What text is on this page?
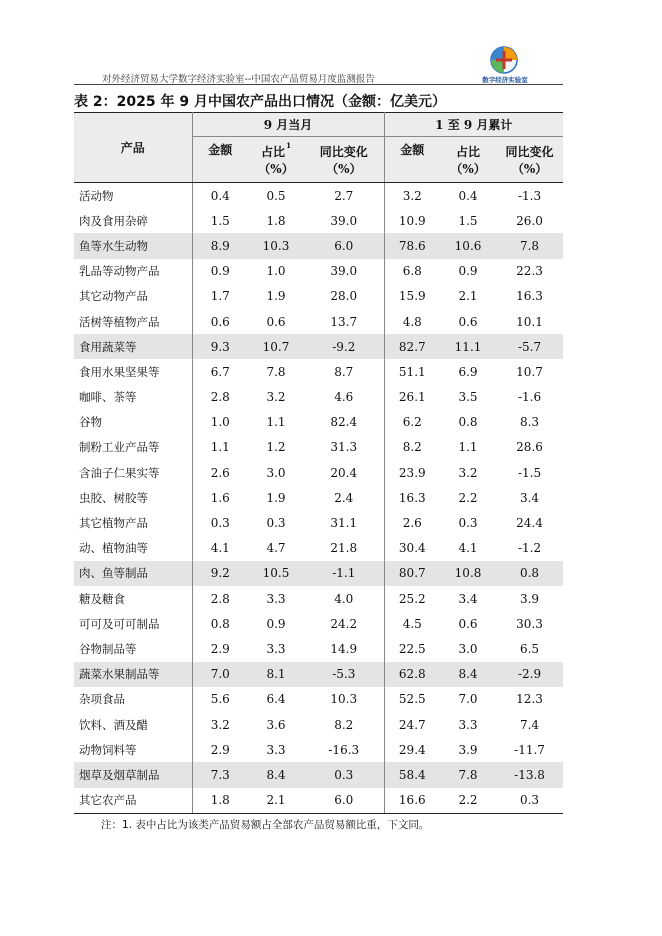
对外经济贸易大学数字经济实验室--中国农产品贸易月度监测报告	数字经济实验室
表 2：2025 年 9 月中国农产品出口情况（金额：亿美元）
产品	9 月当月			1 至 9 月累计		
	金额	占比$^1$	同比变化	金额	占比	同比变化
		（%）	（%）		（%）	（%）
活动物	0.4	0.5	2.7	3.2	0.4	-1.3
肉及食用杂碎	1.5	1.8	39.0	10.9	1.5	26.0
鱼等水生动物	8.9	10.3	6.0	78.6	10.6	7.8
乳品等动物产品	0.9	1.0	39.0	6.8	0.9	22.3
其它动物产品	1.7	1.9	28.0	15.9	2.1	16.3
活树等植物产品	0.6	0.6	13.7	4.8	0.6	10.1
食用蔬菜等	9.3	10.7	-9.2	82.7	11.1	-5.7
食用水果坚果等	6.7	7.8	8.7	51.1	6.9	10.7
咖啡、茶等	2.8	3.2	4.6	26.1	3.5	-1.6
谷物	1.0	1.1	82.4	6.2	0.8	8.3
制粉工业产品等	1.1	1.2	31.3	8.2	1.1	28.6
含油子仁果实等	2.6	3.0	20.4	23.9	3.2	-1.5
虫胶、树胶等	1.6	1.9	2.4	16.3	2.2	3.4
其它植物产品	0.3	0.3	31.1	2.6	0.3	24.4
动、植物油等	4.1	4.7	21.8	30.4	4.1	-1.2
肉、鱼等制品	9.2	10.5	-1.1	80.7	10.8	0.8
糖及糖食	2.8	3.3	4.0	25.2	3.4	3.9
可可及可可制品	0.8	0.9	24.2	4.5	0.6	30.3
谷物制品等	2.9	3.3	14.9	22.5	3.0	6.5
蔬菜水果制品等	7.0	8.1	-5.3	62.8	8.4	-2.9
杂项食品	5.6	6.4	10.3	52.5	7.0	12.3
饮料、酒及醋	3.2	3.6	8.2	24.7	3.3	7.4
动物饲料等	2.9	3.3	-16.3	29.4	3.9	-11.7
烟草及烟草制品	7.3	8.4	0.3	58.4	7.8	-13.8
其它农产品	1.8	2.1	6.0	16.6	2.2	0.3
注：1. 表中占比为该类产品贸易额占全部农产品贸易额比重，下文同。
